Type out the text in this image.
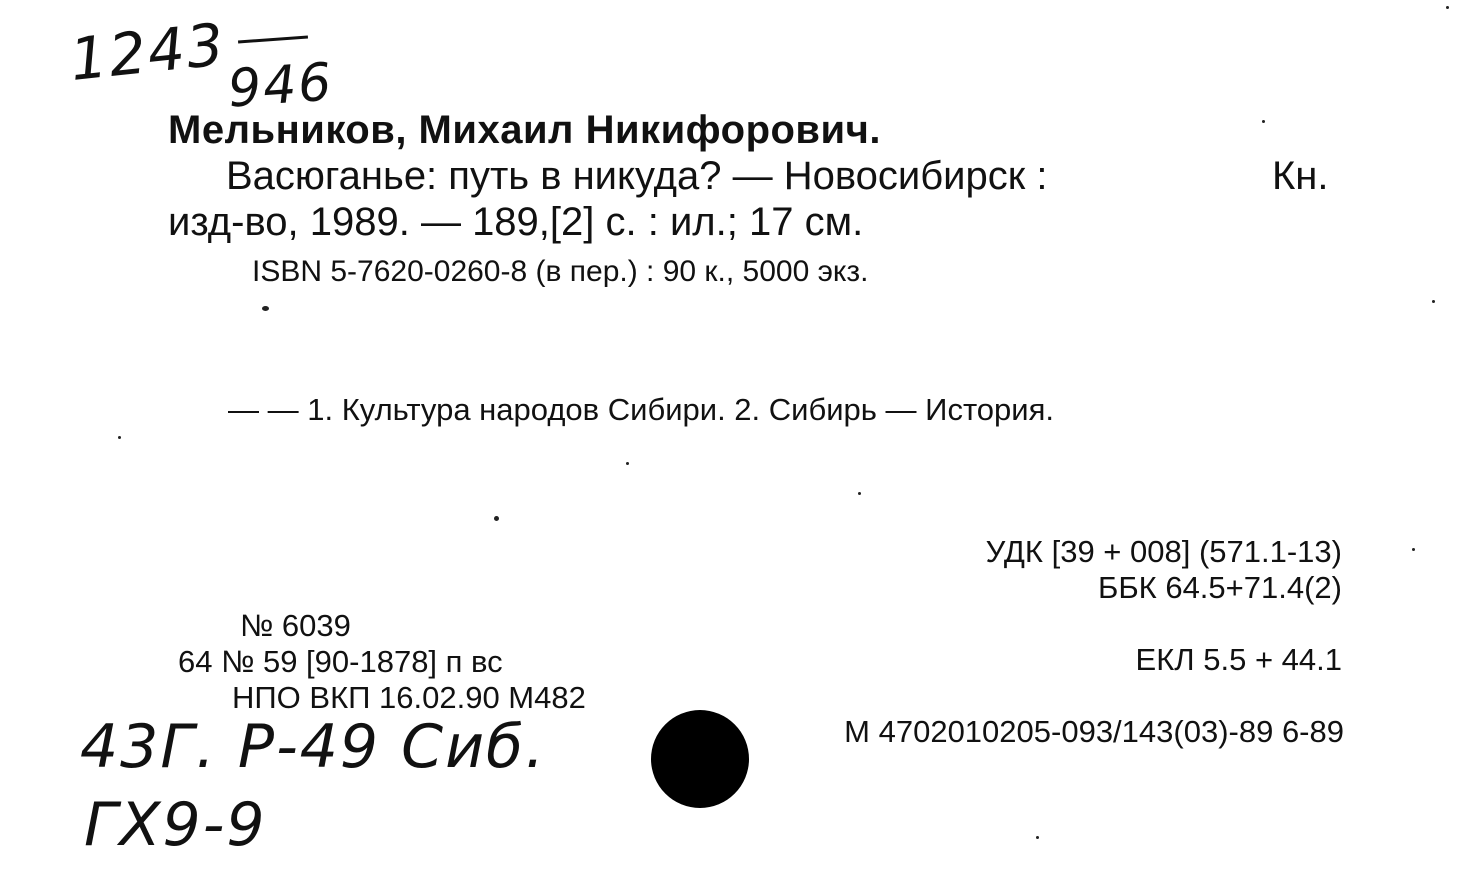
1243
946
Мельников, Михаил Никифорович.
Васюганье: путь в никуда? — Новосибирск :	Кн.
изд-во, 1989. — 189,[2] с. : ил.; 17 см.
ISBN 5-7620-0260-8 (в пер.) : 90 к., 5000 экз.
— — 1. Культура народов Сибири. 2. Сибирь — История.
УДК [39 + 008] (571.1-13)
ББК 64.5+71.4(2)
ЕКЛ 5.5 + 44.1
М 4702010205-093/143(03)-89 6-89
№ 6039
64 № 59 [90-1878] п вс
НПО ВКП 16.02.90 М482
43Г. Р-49 Сиб.
ГХ9-9
